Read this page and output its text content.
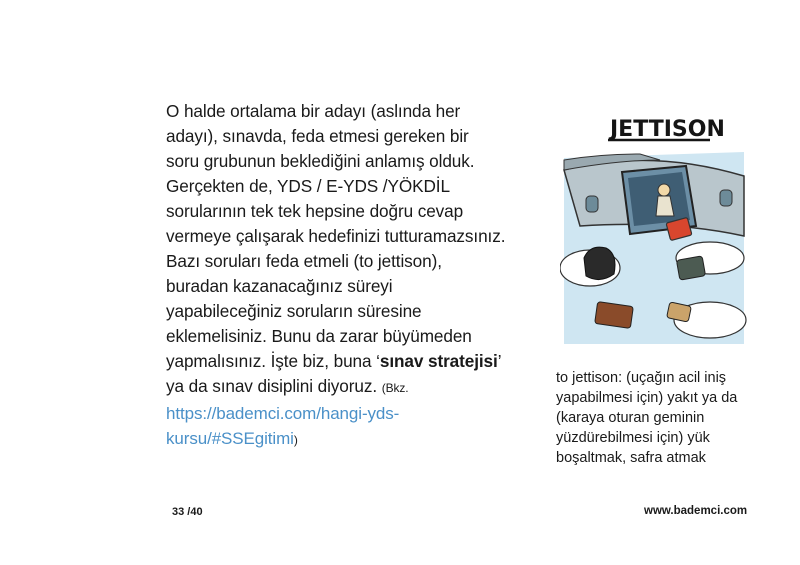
O halde ortalama bir adayı (aslında her adayı), sınavda, feda etmesi gereken bir soru grubunun beklediğini anlamış olduk. Gerçekten de, YDS / E-YDS /YÖKDİL sorularının tek tek hepsine doğru cevap vermeye çalışarak hedefinizi tutturamazsınız. Bazı soruları feda etmeli (to jettison), buradan kazanacağınız süreyi yapabileceğiniz soruların süresine eklemelisiniz. Bunu da zarar büyümeden yapmalısınız. İşte biz, buna ‘sınav stratejisi’ ya da sınav disiplini diyoruz. (Bkz. https://bademci.com/hangi-yds-kursu/#SSEgitimi)

JETTISON
to jettison: (uçağın acil iniş yapabilmesi için) yakıt ya da (karaya oturan geminin yüzdürebilmesi için) yük boşaltmak, safra atmak
33 /40	www.bademci.com
